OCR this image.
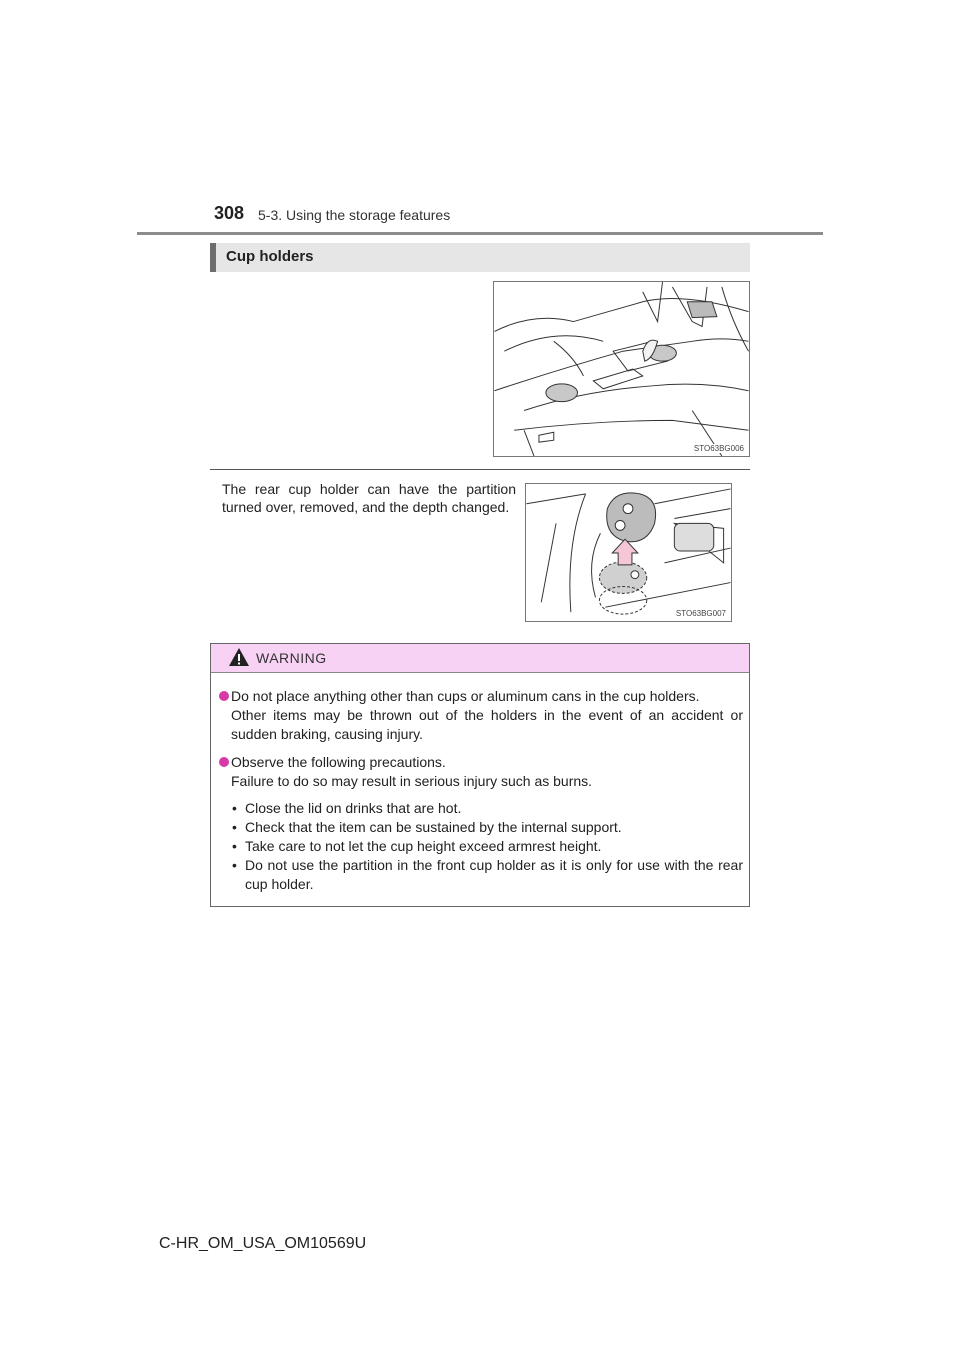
308 5-3. Using the storage features
Cup holders
STO63BG006
The rear cup holder can have the partition turned over, removed, and the depth changed.
STO63BG007
WARNING
Do not place anything other than cups or aluminum cans in the cup holders.
Other items may be thrown out of the holders in the event of an accident or sudden braking, causing injury.
Observe the following precautions.
Failure to do so may result in serious injury such as burns.
• Close the lid on drinks that are hot.
• Check that the item can be sustained by the internal support.
• Take care to not let the cup height exceed armrest height.
• Do not use the partition in the front cup holder as it is only for use with the rear cup holder.
C-HR_OM_USA_OM10569U
